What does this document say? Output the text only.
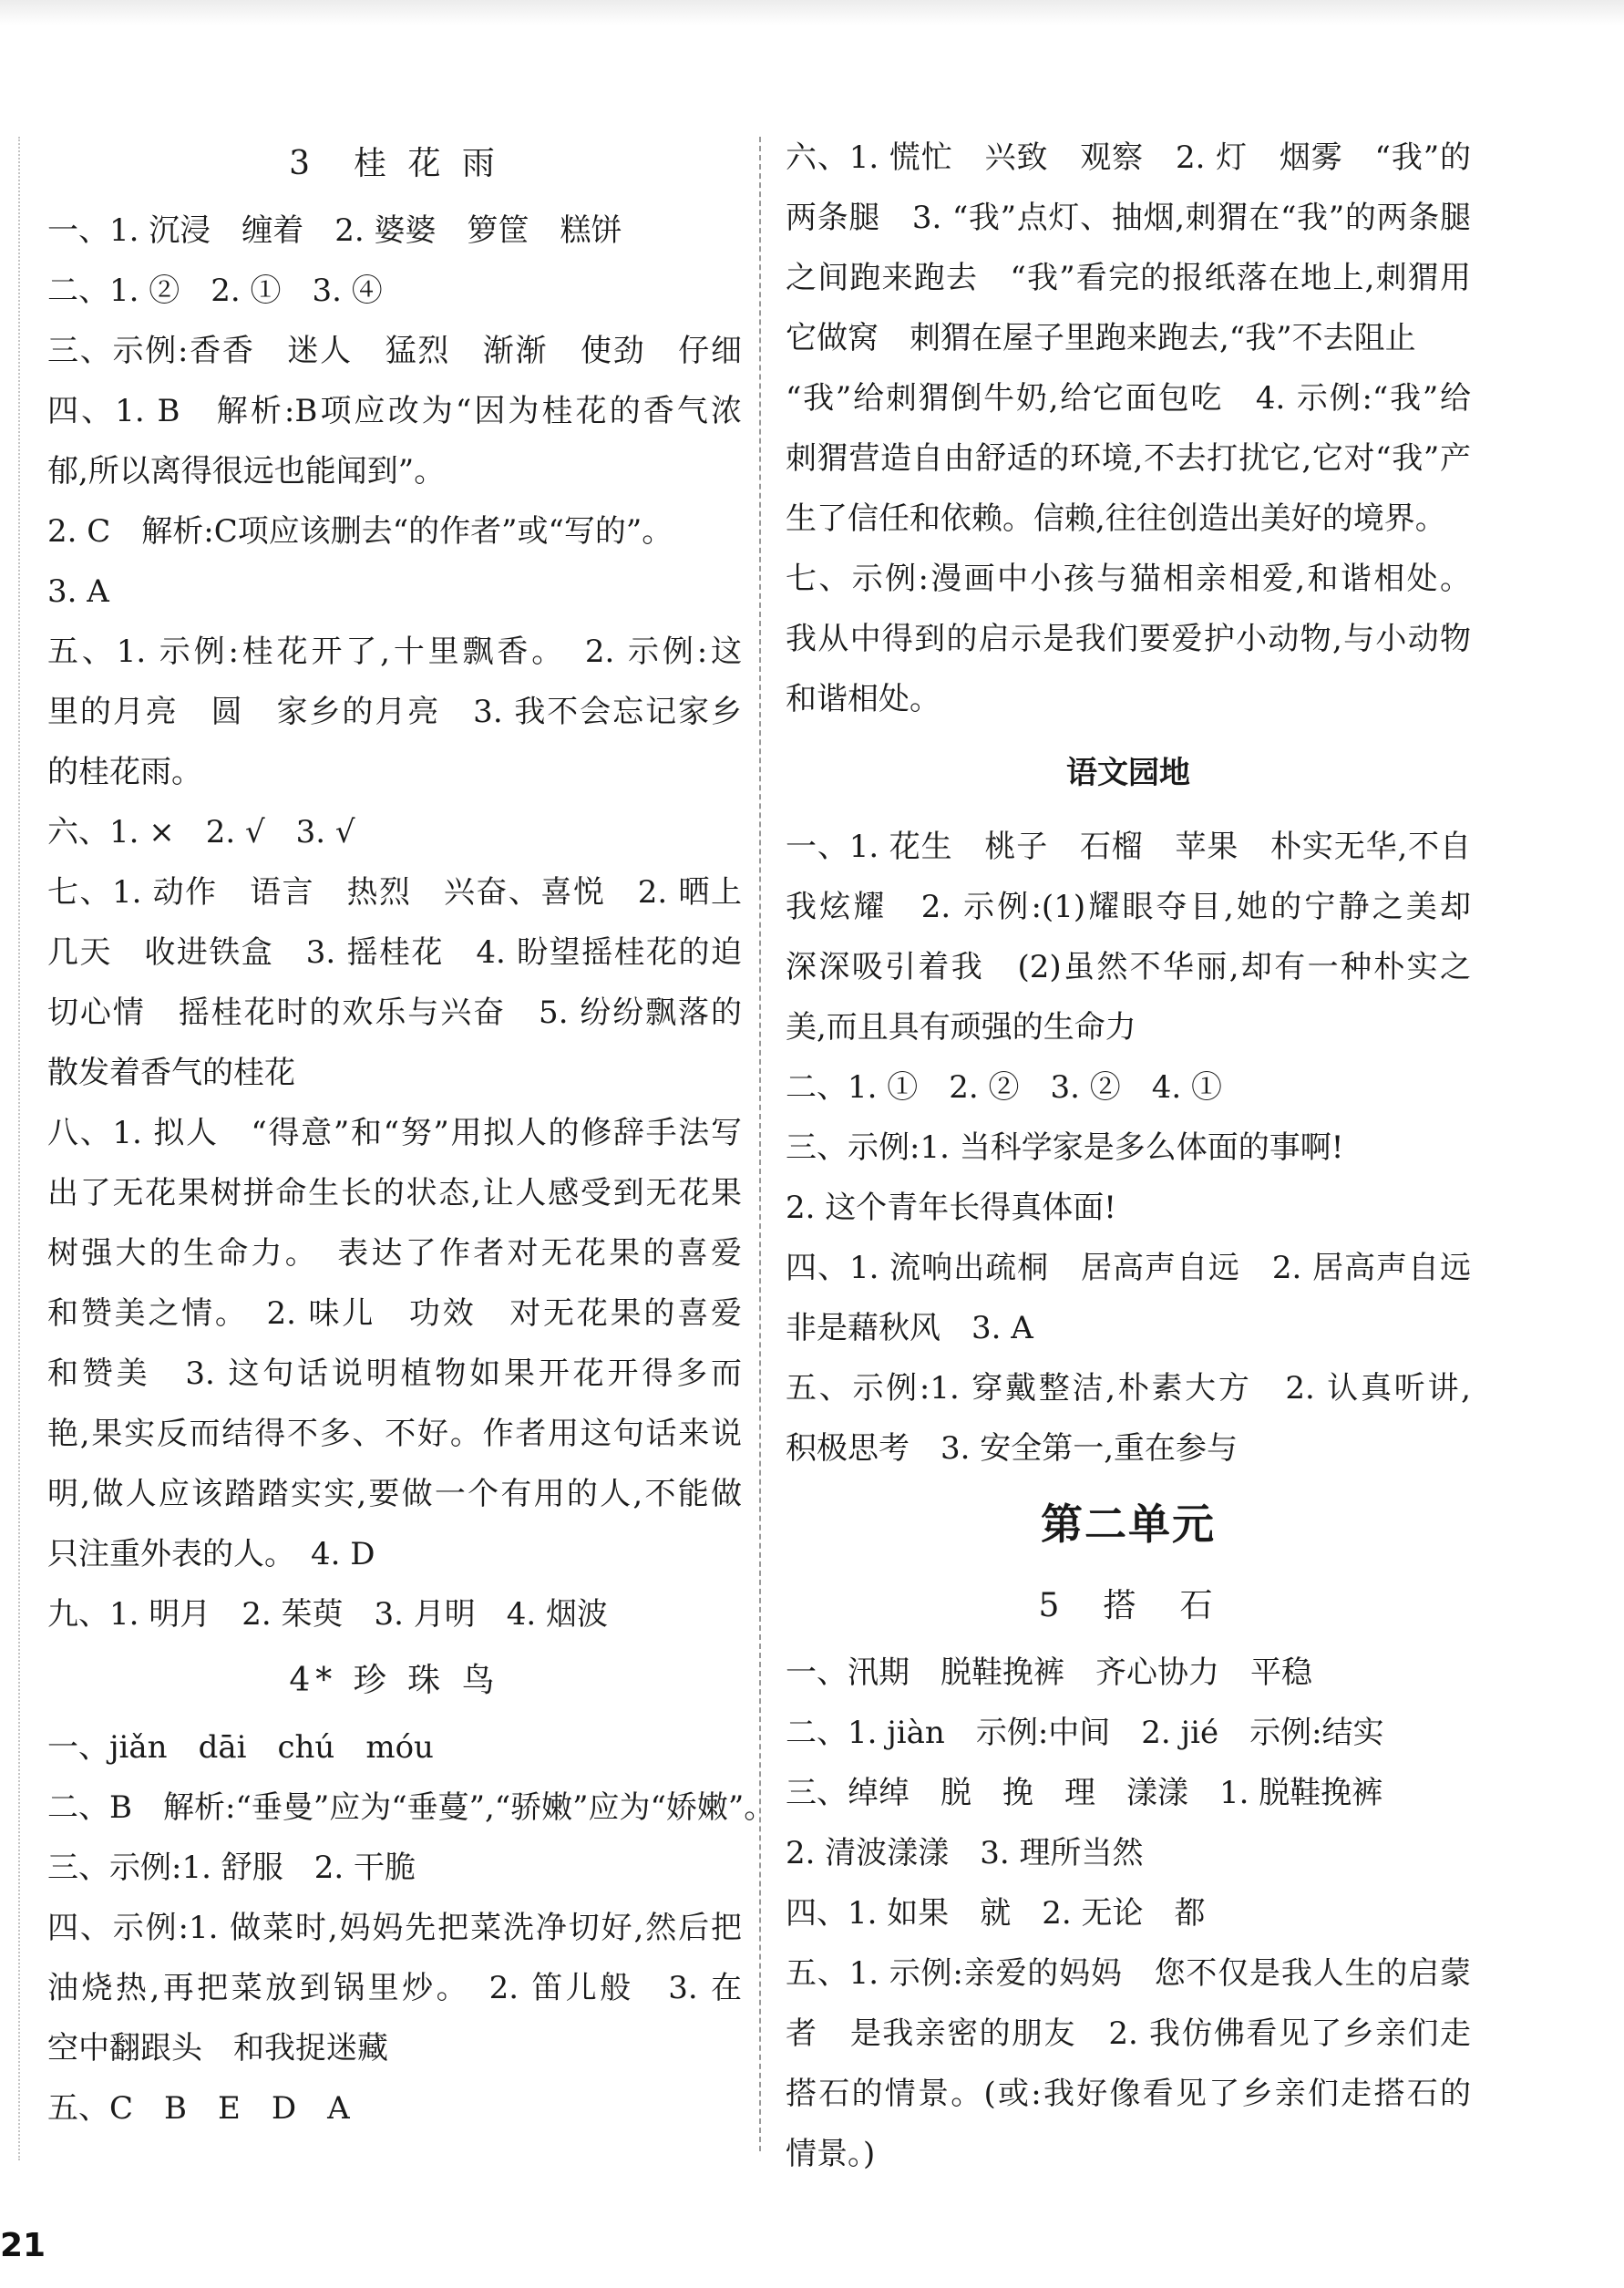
3　桂 花 雨
一、1. 沉浸　缠着　2. 婆婆　箩筐　糕饼
二、1. ②　2. ①　3. ④
三、示例:香香　迷人　猛烈　渐渐　使劲　仔细
四、1. B　解析:B项应改为“因为桂花的香气浓
郁,所以离得很远也能闻到”。
2. C　解析:C项应该删去“的作者”或“写的”。
3. A
五、1. 示例:桂花开了,十里飘香。　2. 示例:这
里的月亮　圆　家乡的月亮　3. 我不会忘记家乡
的桂花雨。
六、1. ×　2. √　3. √
七、1. 动作　语言　热烈　兴奋、喜悦　2. 晒上
几天　收进铁盒　3. 摇桂花　4. 盼望摇桂花的迫
切心情　摇桂花时的欢乐与兴奋　5. 纷纷飘落的
散发着香气的桂花
八、1. 拟人　“得意”和“努”用拟人的修辞手法写
出了无花果树拼命生长的状态,让人感受到无花果
树强大的生命力。　表达了作者对无花果的喜爱
和赞美之情。　2. 味儿　功效　对无花果的喜爱
和赞美　3. 这句话说明植物如果开花开得多而
艳,果实反而结得不多、不好。作者用这句话来说
明,做人应该踏踏实实,要做一个有用的人,不能做
只注重外表的人。　4. D
九、1. 明月　2. 茱萸　3. 月明　4. 烟波
4* 珍 珠 鸟
一、jiǎn　dāi　chú　móu
二、B　解析:“垂曼”应为“垂蔓”,“骄嫩”应为“娇嫩”。
三、示例:1. 舒服　2. 干脆
四、示例:1. 做菜时,妈妈先把菜洗净切好,然后把
油烧热,再把菜放到锅里炒。　2. 笛儿般　3. 在
空中翻跟头　和我捉迷藏
五、C　B　E　D　A
六、1. 慌忙　兴致　观察　2. 灯　烟雾　“我”的
两条腿　3. “我”点灯、抽烟,刺猬在“我”的两条腿
之间跑来跑去　“我”看完的报纸落在地上,刺猬用
它做窝　刺猬在屋子里跑来跑去,“我”不去阻止
“我”给刺猬倒牛奶,给它面包吃　4. 示例:“我”给
刺猬营造自由舒适的环境,不去打扰它,它对“我”产
生了信任和依赖。信赖,往往创造出美好的境界。
七、示例:漫画中小孩与猫相亲相爱,和谐相处。
我从中得到的启示是我们要爱护小动物,与小动物
和谐相处。
语文园地
一、1. 花生　桃子　石榴　苹果　朴实无华,不自
我炫耀　2. 示例:(1)耀眼夺目,她的宁静之美却
深深吸引着我　(2)虽然不华丽,却有一种朴实之
美,而且具有顽强的生命力
二、1. ①　2. ②　3. ②　4. ①
三、示例:1. 当科学家是多么体面的事啊!
2. 这个青年长得真体面!
四、1. 流响出疏桐　居高声自远　2. 居高声自远
非是藉秋风　3. A
五、示例:1. 穿戴整洁,朴素大方　2. 认真听讲,
积极思考　3. 安全第一,重在参与
第二单元
5　搭　石
一、汛期　脱鞋挽裤　齐心协力　平稳
二、1. jiàn　示例:中间　2. jié　示例:结实
三、绰绰　脱　挽　理　漾漾　1. 脱鞋挽裤
2. 清波漾漾　3. 理所当然
四、1. 如果　就　2. 无论　都
五、1. 示例:亲爱的妈妈　您不仅是我人生的启蒙
者　是我亲密的朋友　2. 我仿佛看见了乡亲们走
搭石的情景。(或:我好像看见了乡亲们走搭石的
情景。)
21
